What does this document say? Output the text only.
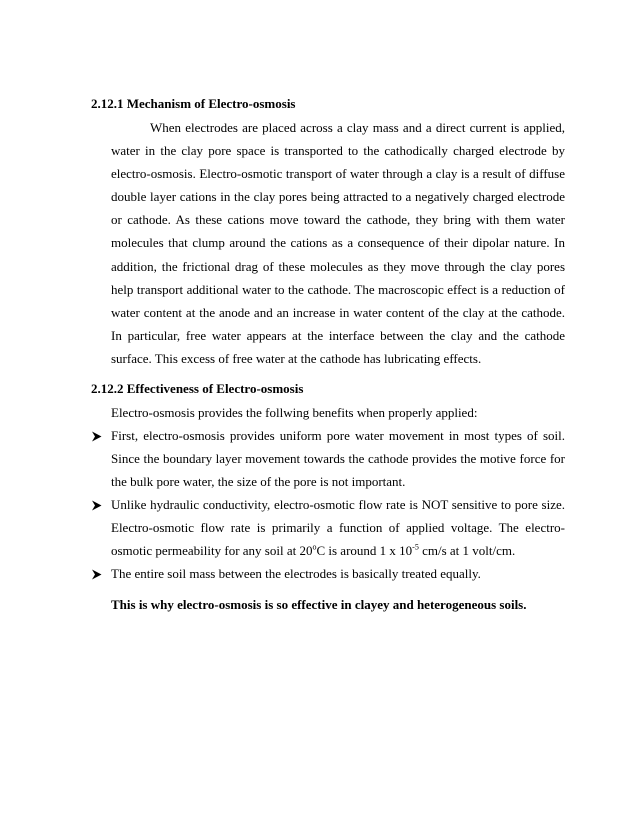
2.12.1 Mechanism of Electro-osmosis

When electrodes are placed across a clay mass and a direct current is applied, water in the clay pore space is transported to the cathodically charged electrode by electro-osmosis. Electro-osmotic transport of water through a clay is a result of diffuse double layer cations in the clay pores being attracted to a negatively charged electrode or cathode. As these cations move toward the cathode, they bring with them water molecules that clump around the cations as a consequence of their dipolar nature. In addition, the frictional drag of these molecules as they move through the clay pores help transport additional water to the cathode. The macroscopic effect is a reduction of water content at the anode and an increase in water content of the clay at the cathode. In particular, free water appears at the interface between the clay and the cathode surface. This excess of free water at the cathode has lubricating effects.

2.12.2 Effectiveness of Electro-osmosis
Electro-osmosis provides the follwing benefits when properly applied:

First, electro-osmosis provides uniform pore water movement in most types of soil. Since the boundary layer movement towards the cathode provides the motive force for the bulk pore water, the size of the pore is not important.

Unlike hydraulic conductivity, electro-osmotic flow rate is NOT sensitive to pore size. Electro-osmotic flow rate is primarily a function of applied voltage. The electro-osmotic permeability for any soil at 20$^o$C is around 1 x $10^{-5}$ cm/s at 1 volt/cm.

The entire soil mass between the electrodes is basically treated equally.

This is why electro-osmosis is so effective in clayey and heterogeneous soils.
